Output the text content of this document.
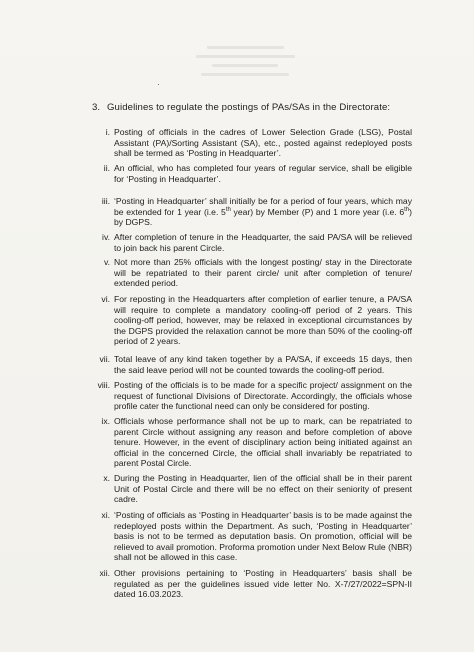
·
3. Guidelines to regulate the postings of PAs/SAs in the Directorate:
i. Posting of officials in the cadres of Lower Selection Grade (LSG), Postal Assistant (PA)/Sorting Assistant (SA), etc., posted against redeployed posts shall be termed as ‘Posting in Headquarter’.
ii. An official, who has completed four years of regular service, shall be eligible for ‘Posting in Headquarter’.
iii. ‘Posting in Headquarter’ shall initially be for a period of four years, which may be extended for 1 year (i.e. 5th year) by Member (P) and 1 more year (i.e. 6th) by DGPS.
iv. After completion of tenure in the Headquarter, the said PA/SA will be relieved to join back his parent Circle.
v. Not more than 25% officials with the longest posting/ stay in the Directorate will be repatriated to their parent circle/ unit after completion of tenure/ extended period.
vi. For reposting in the Headquarters after completion of earlier tenure, a PA/SA will require to complete a mandatory cooling-off period of 2 years. This cooling-off period, however, may be relaxed in exceptional circumstances by the DGPS provided the relaxation cannot be more than 50% of the cooling-off period of 2 years.
vii. Total leave of any kind taken together by a PA/SA, if exceeds 15 days, then the said leave period will not be counted towards the cooling-off period.
viii. Posting of the officials is to be made for a specific project/ assignment on the request of functional Divisions of Directorate. Accordingly, the officials whose profile cater the functional need can only be considered for posting.
ix. Officials whose performance shall not be up to mark, can be repatriated to parent Circle without assigning any reason and before completion of above tenure. However, in the event of disciplinary action being initiated against an official in the concerned Circle, the official shall invariably be repatriated to parent Postal Circle.
x. During the Posting in Headquarter, lien of the official shall be in their parent Unit of Postal Circle and there will be no effect on their seniority of present cadre.
xi. ‘Posting of officials as ‘Posting in Headquarter’ basis is to be made against the redeployed posts within the Department. As such, ‘Posting in Headquarter’ basis is not to be termed as deputation basis. On promotion, official will be relieved to avail promotion. Proforma promotion under Next Below Rule (NBR) shall not be allowed in this case.
xii. Other provisions pertaining to ‘Posting in Headquarters’ basis shall be regulated as per the guidelines issued vide letter No. X-7/27/2022=SPN-II dated 16.03.2023.
